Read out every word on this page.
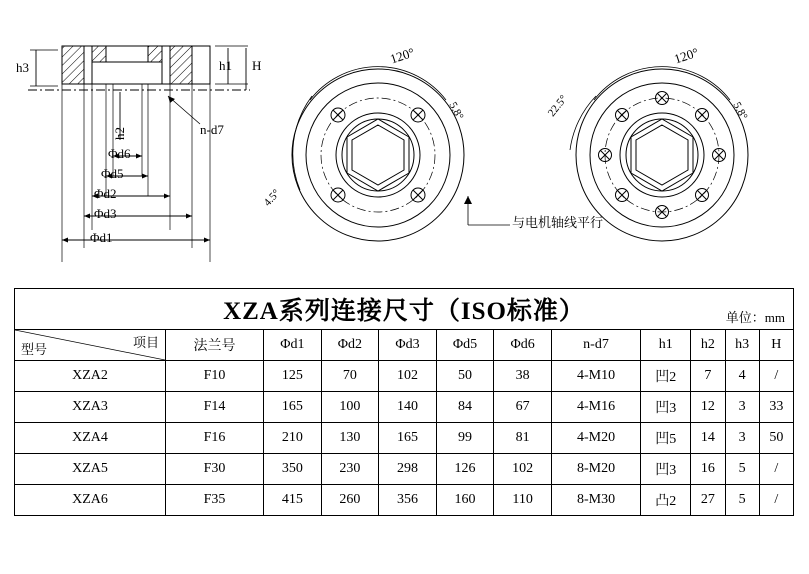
h3
h2
h1 H
n-d7
Φd6
Φd5
Φd2
Φd3
Φd1
120°
5.8°
4.5°
120°
5.8°
22.5°
与电机轴线平行
XZA系列连接尺寸（ISO标准） 单位：mm											

项目
型号	法兰号	Φd1	Φd2	Φd3	Φd5	Φd6	n-d7	h1	h2	h3	H
XZA2	F10	125	70	102	50	38	4-M10	凹2	7	4	/
XZA3	F14	165	100	140	84	67	4-M16	凹3	12	3	33
XZA4	F16	210	130	165	99	81	4-M20	凹5	14	3	50
XZA5	F30	350	230	298	126	102	8-M20	凹3	16	5	/
XZA6	F35	415	260	356	160	110	8-M30	凸2	27	5	/
